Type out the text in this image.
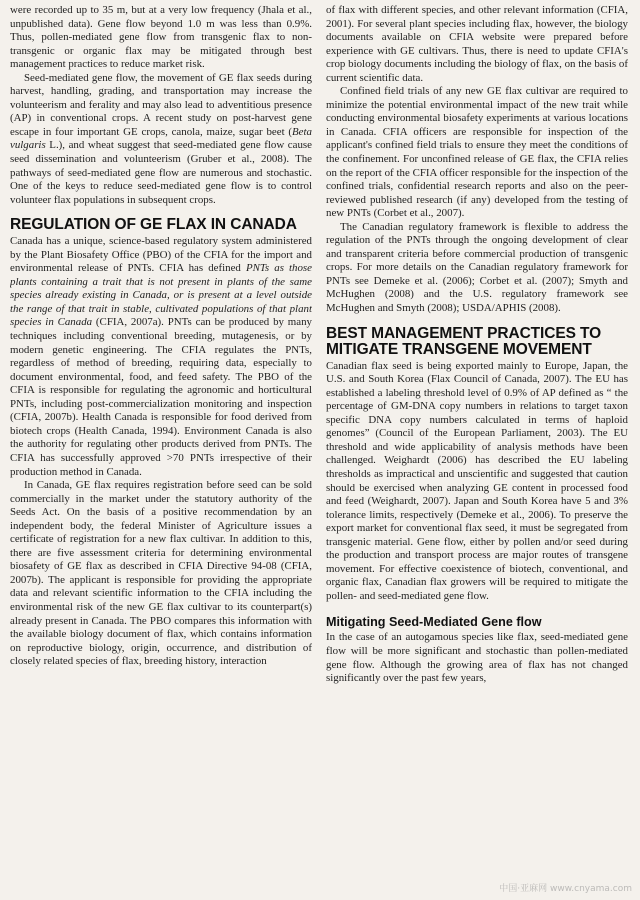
were recorded up to 35 m, but at a very low frequency (Jhala et al., unpublished data). Gene flow beyond 1.0 m was less than 0.9%. Thus, pollen-mediated gene flow from transgenic flax to non-transgenic or organic flax may be mitigated through best management practices to reduce market risk.

Seed-mediated gene flow, the movement of GE flax seeds during harvest, handling, grading, and transportation may increase the volunteerism and ferality and may also lead to adventitious presence (AP) in conventional crops. A recent study on post-harvest gene escape in four important GE crops, canola, maize, sugar beet (Beta vulgaris L.), and wheat suggest that seed-mediated gene flow cause seed dissemination and volunteerism (Gruber et al., 2008). The pathways of seed-mediated gene flow are numerous and stochastic. One of the keys to reduce seed-mediated gene flow is to control volunteer flax populations in subsequent crops.

REGULATION OF GE FLAX IN CANADA

Canada has a unique, science-based regulatory system administered by the Plant Biosafety Office (PBO) of the CFIA for the import and environmental release of PNTs. CFIA has defined PNTs as those plants containing a trait that is not present in plants of the same species already existing in Canada, or is present at a level outside the range of that trait in stable, cultivated populations of that plant species in Canada (CFIA, 2007a). PNTs can be produced by many techniques including conventional breeding, mutagenesis, or by modern genetic engineering. The CFIA regulates the PNTs, regardless of method of breeding, requiring data, especially to document environmental, food, and feed safety. The PBO of the CFIA is responsible for regulating the agronomic and horticultural PNTs, including post-commercialization monitoring and inspection (CFIA, 2007b). Health Canada is responsible for food derived from biotech crops (Health Canada, 1994). Environment Canada is also the authority for regulating other products derived from PNTs. The CFIA has successfully approved >70 PNTs irrespective of their production method in Canada.

In Canada, GE flax requires registration before seed can be sold commercially in the market under the statutory authority of the Seeds Act. On the basis of a positive recommendation by an independent body, the federal Minister of Agriculture issues a certificate of registration for a new flax cultivar. In addition to this, there are five assessment criteria for determining environmental biosafety of GE flax as described in CFIA Directive 94-08 (CFIA, 2007b). The applicant is responsible for providing the appropriate data and relevant scientific information to the CFIA including the environmental risk of the new GE flax cultivar to its counterpart(s) already present in Canada. The PBO compares this information with the available biology document of flax, which contains information on reproductive biology, origin, occurrence, and distribution of closely related species of flax, breeding history, interaction

of flax with different species, and other relevant information (CFIA, 2001). For several plant species including flax, however, the biology documents available on CFIA website were prepared before experience with GE cultivars. Thus, there is need to update CFIA's crop biology documents including the biology of flax, on the basis of current scientific data.

Confined field trials of any new GE flax cultivar are required to minimize the potential environmental impact of the new trait while conducting environmental biosafety experiments at various locations in Canada. CFIA officers are responsible for inspection of the applicant's confined field trials to ensure they meet the conditions of the confinement. For unconfined release of GE flax, the CFIA relies on the report of the CFIA officer responsible for the inspection of the confined trials, confidential research reports and also on the peer-reviewed published research (if any) developed from the testing of new PNTs (Corbet et al., 2007).

The Canadian regulatory framework is flexible to address the regulation of the PNTs through the ongoing development of clear and transparent criteria before commercial production of transgenic crops. For more details on the Canadian regulatory framework for PNTs see Demeke et al. (2006); Corbet et al. (2007); Smyth and McHughen (2008) and the U.S. regulatory framework see McHughen and Smyth (2008); USDA/APHIS (2008).

BEST MANAGEMENT PRACTICES TO MITIGATE TRANSGENE MOVEMENT

Canadian flax seed is being exported mainly to Europe, Japan, the U.S. and South Korea (Flax Council of Canada, 2007). The EU has established a labeling threshold level of 0.9% of AP defined as “ the percentage of GM-DNA copy numbers in relations to target taxon specific DNA copy numbers calculated in terms of haploid genomes” (Council of the European Parliament, 2003). The EU threshold and wide applicability of analysis methods have been challenged. Weighardt (2006) has described the EU labeling thresholds as impractical and unscientific and suggested that caution should be exercised when analyzing GE content in processed food and feed (Weighardt, 2007). Japan and South Korea have 5 and 3% tolerance limits, respectively (Demeke et al., 2006). To preserve the export market for conventional flax seed, it must be segregated from transgenic material. Gene flow, either by pollen and/or seed during the production and transport process are major routes of transgene movement. For effective coexistence of biotech, conventional, and organic flax, Canadian flax growers will be required to mitigate the pollen- and seed-mediated gene flow.

Mitigating Seed-Mediated Gene flow

In the case of an autogamous species like flax, seed-mediated gene flow will be more significant and stochastic than pollen-mediated gene flow. Although the growing area of flax has not changed significantly over the past few years,

中国·亚麻网 www.cnyama.com
